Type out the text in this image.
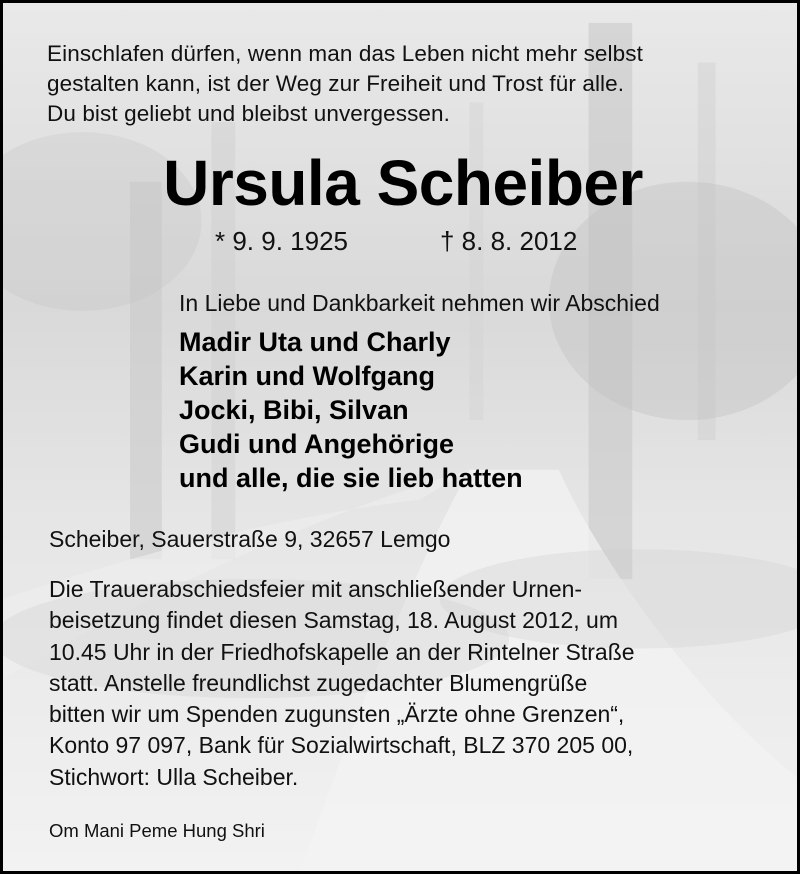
Einschlafen dürfen, wenn man das Leben nicht mehr selbst
gestalten kann, ist der Weg zur Freiheit und Trost für alle.
Du bist geliebt und bleibst unvergessen.

Ursula Scheiber
* 9. 9. 1925	† 8. 8. 2012
In Liebe und Dankbarkeit nehmen wir Abschied
Madir Uta und Charly
Karin und Wolfgang
Jocki, Bibi, Silvan
Gudi und Angehörige
und alle, die sie lieb hatten
Scheiber, Sauerstraße 9, 32657 Lemgo
Die Trauerabschiedsfeier mit anschließender Urnen-
beisetzung findet diesen Samstag, 18. August 2012, um
10.45 Uhr in der Friedhofskapelle an der Rintelner Straße
statt. Anstelle freundlichst zugedachter Blumengrüße
bitten wir um Spenden zugunsten „Ärzte ohne Grenzen“,
Konto 97 097, Bank für Sozialwirtschaft, BLZ 370 205 00,
Stichwort: Ulla Scheiber.
Om Mani Peme Hung Shri
